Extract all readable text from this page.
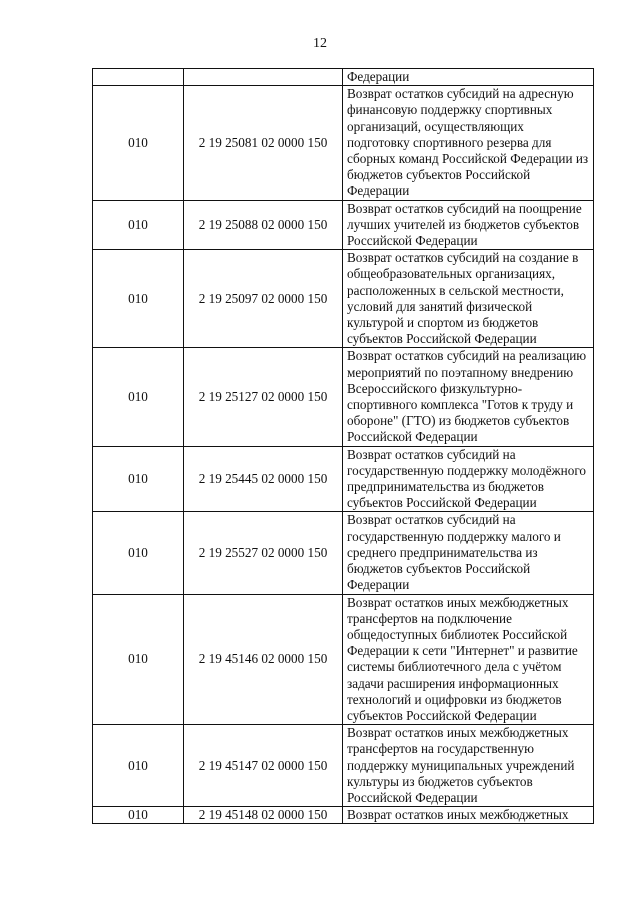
12
		Федерации
010	2 19 25081 02 0000 150	Возврат остатков субсидий на адресную финансовую поддержку спортивных организаций, осуществляющих подготовку спортивного резерва для сборных команд Российской Федерации из бюджетов субъектов Российской Федерации
010	2 19 25088 02 0000 150	Возврат остатков субсидий на поощрение лучших учителей из бюджетов субъектов Российской Федерации
010	2 19 25097 02 0000 150	Возврат остатков субсидий на создание в общеобразовательных организациях, расположенных в сельской местности, условий для занятий физической культурой и спортом из бюджетов субъектов Российской Федерации
010	2 19 25127 02 0000 150	Возврат остатков субсидий на реализацию мероприятий по поэтапному внедрению Всероссийского физкультурно-спортивного комплекса "Готов к труду и обороне" (ГТО) из бюджетов субъектов Российской Федерации
010	2 19 25445 02 0000 150	Возврат остатков субсидий на государственную поддержку молодёжного предпринимательства из бюджетов субъектов Российской Федерации
010	2 19 25527 02 0000 150	Возврат остатков субсидий на государственную поддержку малого и среднего предпринимательства из бюджетов субъектов Российской Федерации
010	2 19 45146 02 0000 150	Возврат остатков иных межбюджетных трансфертов на подключение общедоступных библиотек Российской Федерации к сети "Интернет" и развитие системы библиотечного дела с учётом задачи расширения информационных технологий и оцифровки из бюджетов субъектов Российской Федерации
010	2 19 45147 02 0000 150	Возврат остатков иных межбюджетных трансфертов на государственную поддержку муниципальных учреждений культуры из бюджетов субъектов Российской Федерации
010	2 19 45148 02 0000 150	Возврат остатков иных межбюджетных
